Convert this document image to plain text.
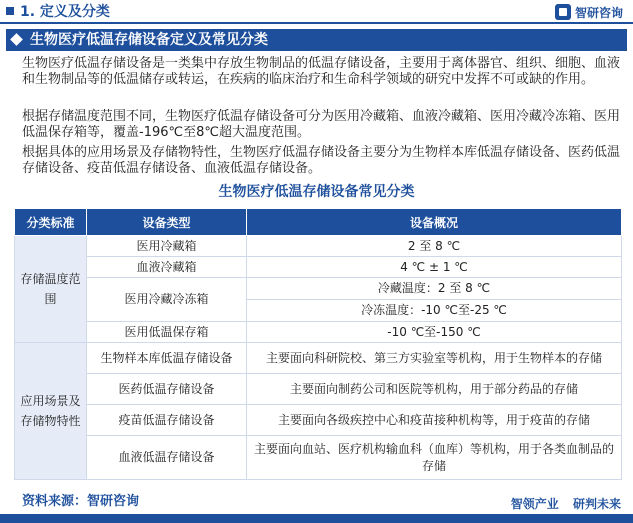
1. 定义及分类	智研咨询
生物医疗低温存储设备定义及常见分类
生物医疗低温存储设备是一类集中存放生物制品的低温存储设备，主要用于离体器官、组织、细胞、血液和生物制品等的低温储存或转运，在疾病的临床治疗和生命科学领域的研究中发挥不可或缺的作用。
根据存储温度范围不同，生物医疗低温存储设备可分为医用冷藏箱、血液冷藏箱、医用冷藏冷冻箱、医用低温保存箱等，覆盖-196℃至8℃超大温度范围。
根据具体的应用场景及存储物特性，生物医疗低温存储设备主要分为生物样本库低温存储设备、医药低温存储设备、疫苗低温存储设备、血液低温存储设备。
生物医疗低温存储设备常见分类
分类标准	设备类型	设备概况
存储温度范围	医用冷藏箱	2 至 8 ℃
	血液冷藏箱	4 ℃ ± 1 ℃
	医用冷藏冷冻箱	冷藏温度：2 至 8 ℃
		冷冻温度：-10 ℃至-25 ℃
	医用低温保存箱	-10 ℃至-150 ℃
应用场景及存储物特性	生物样本库低温存储设备	主要面向科研院校、第三方实验室等机构，用于生物样本的存储
	医药低温存储设备	主要面向制药公司和医院等机构，用于部分药品的存储
	疫苗低温存储设备	主要面向各级疾控中心和疫苗接种机构等，用于疫苗的存储
	血液低温存储设备	主要面向血站、医疗机构输血科（血库）等机构，用于各类血制品的存储
资料来源：智研咨询	智领产业 研判未来
